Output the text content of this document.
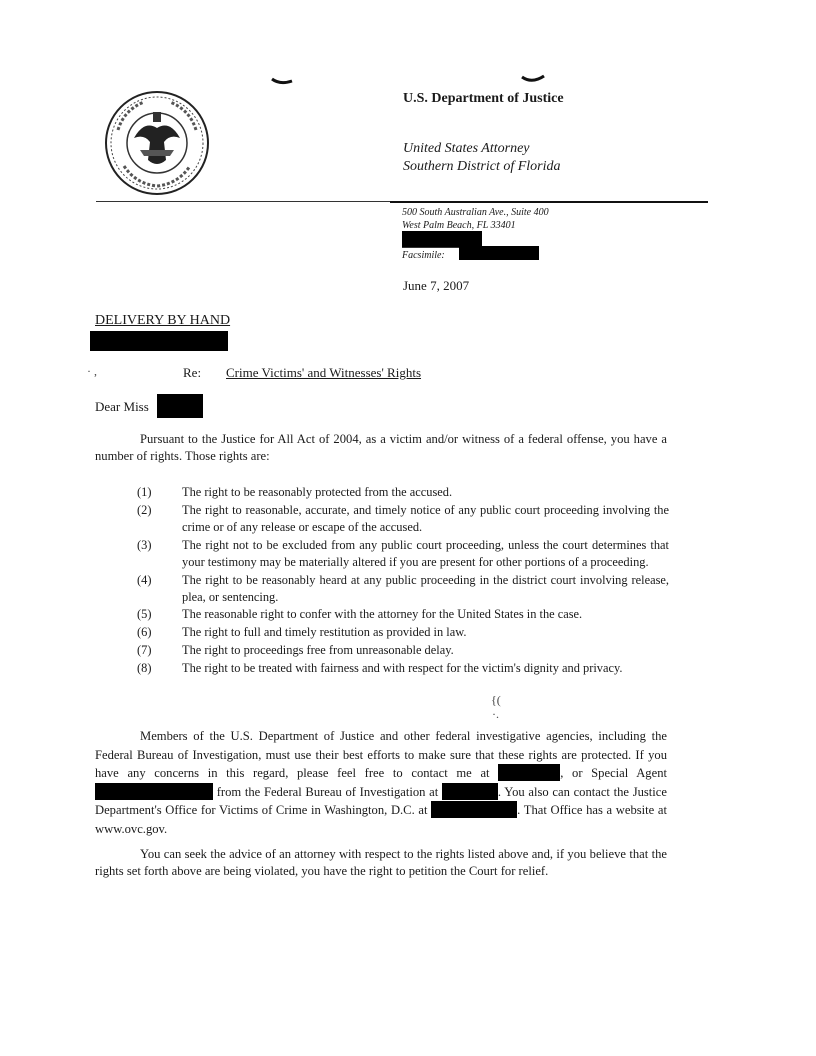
U.S. Department of Justice
United States Attorney
Southern District of Florida
500 South Australian Ave., Suite 400
West Palm Beach, FL 33401
Facsimile:
June 7, 2007
DELIVERY BY HAND
· ,	Re: Crime Victims' and Witnesses' Rights
Dear Miss
Pursuant to the Justice for All Act of 2004, as a victim and/or witness of a federal offense, you have a number of rights. Those rights are:
(1)	The right to be reasonably protected from the accused.
(2)	The right to reasonable, accurate, and timely notice of any public court proceeding involving the crime or of any release or escape of the accused.
(3)	The right not to be excluded from any public court proceeding, unless the court determines that your testimony may be materially altered if you are present for other portions of a proceeding.
(4)	The right to be reasonably heard at any public proceeding in the district court involving release, plea, or sentencing.
(5)	The reasonable right to confer with the attorney for the United States in the case.
(6)	The right to full and timely restitution as provided in law.
(7)	The right to proceedings free from unreasonable delay.
(8)	The right to be treated with fairness and with respect for the victim's dignity and privacy.
{(
·.
Members of the U.S. Department of Justice and other federal investigative agencies, including the Federal Bureau of Investigation, must use their best efforts to make sure that these rights are protected. If you have any concerns in this regard, please feel free to contact me at	, or Special Agent  from the Federal Bureau of Investigation at	. You also can contact the Justice Department's Office for Victims of Crime in Washington, D.C. at	. That Office has a website at www.ovc.gov.
You can seek the advice of an attorney with respect to the rights listed above and, if you believe that the rights set forth above are being violated, you have the right to petition the Court for relief.
